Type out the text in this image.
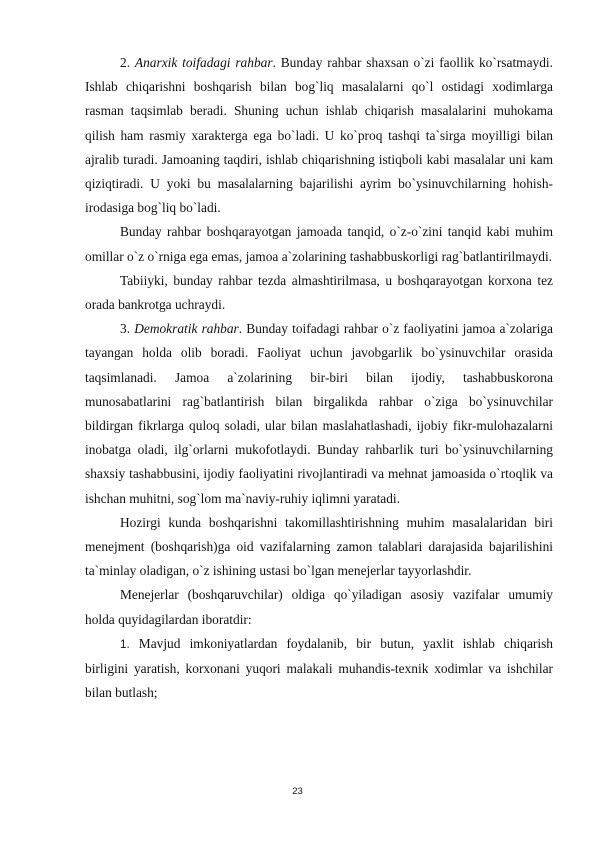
2. Anarxik toifadagi rahbar. Bunday rahbar shaxsan o`zi faollik ko`rsatmaydi. Ishlab chiqarishni boshqarish bilan bog`liq masalalarni qo`l ostidagi xodimlarga rasman taqsimlab beradi. Shuning uchun ishlab chiqarish masalalarini muhokama qilish ham rasmiy xarakterga ega bo`ladi. U ko`proq tashqi ta`sirga moyilligi bilan ajralib turadi. Jamoaning taqdiri, ishlab chiqarishning istiqboli kabi masalalar uni kam qiziqtiradi. U yoki bu masalalarning bajarilishi ayrim bo`ysinuvchilarning hohish-irodasiga bog`liq bo`ladi.

Bunday rahbar boshqarayotgan jamoada tanqid, o`z-o`zini tanqid kabi muhim omillar o`z o`rniga ega emas, jamoa a`zolarining tashabbuskorligi rag`batlantirilmaydi.

Tabiiyki, bunday rahbar tezda almashtirilmasa, u boshqarayotgan korxona tez orada bankrotga uchraydi.

3. Demokratik rahbar. Bunday toifadagi rahbar o`z faoliyatini jamoa a`zolariga tayangan holda olib boradi. Faoliyat uchun javobgarlik bo`ysinuvchilar orasida taqsimlanadi. Jamoa a`zolarining bir-biri bilan ijodiy, tashabbuskorona munosabatlarini rag`batlantirish bilan birgalikda rahbar o`ziga bo`ysinuvchilar bildirgan fikrlarga quloq soladi, ular bilan maslahatlashadi, ijobiy fikr-mulohazalarni inobatga oladi, ilg`orlarni mukofotlaydi. Bunday rahbarlik turi bo`ysinuvchilarning shaxsiy tashabbusini, ijodiy faoliyatini rivojlantiradi va mehnat jamoasida o`rtoqlik va ishchan muhitni, sog`lom ma`naviy-ruhiy iqlimni yaratadi.

Hozirgi kunda boshqarishni takomillashtirishning muhim masalalaridan biri menejment (boshqarish)ga oid vazifalarning zamon talablari darajasida bajarilishini ta`minlay oladigan, o`z ishining ustasi bo`lgan menejerlar tayyorlashdir.

Menejerlar (boshqaruvchilar) oldiga qo`yiladigan asosiy vazifalar umumiy holda quyidagilardan iboratdir:

1. Mavjud imkoniyatlardan foydalanib, bir butun, yaxlit ishlab chiqarish birligini yaratish, korxonani yuqori malakali muhandis-texnik xodimlar va ishchilar bilan butlash;

23
